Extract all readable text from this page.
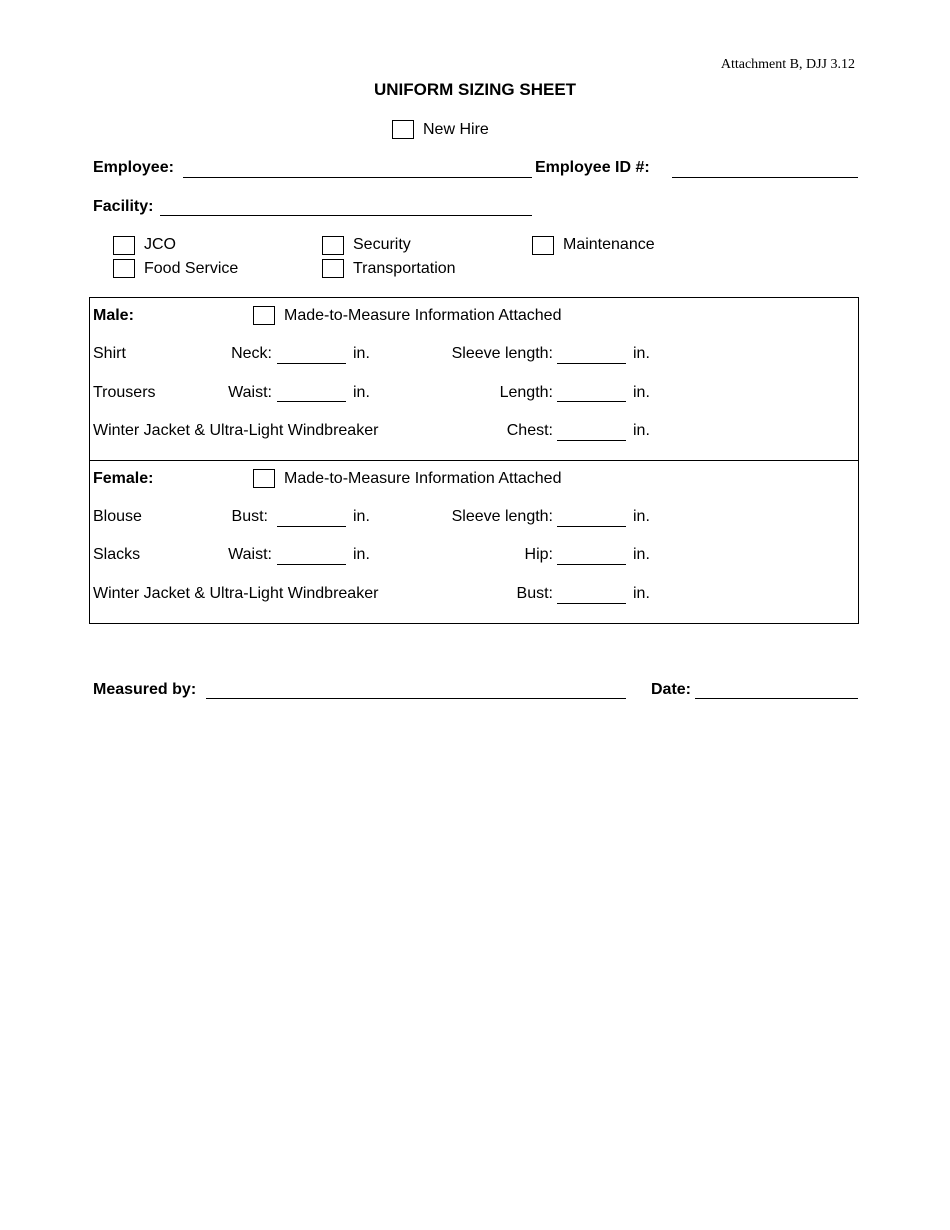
Attachment B, DJJ 3.12
UNIFORM SIZING SHEET
New Hire
Employee:	Employee ID #:
Facility:
JCO	Security	Maintenance
Food Service	Transportation
Male:	Made-to-Measure Information Attached
Shirt	Neck:	in.	Sleeve length:	in.
Trousers	Waist:	in.	Length:	in.
Winter Jacket & Ultra-Light Windbreaker	Chest:	in.
Female:	Made-to-Measure Information Attached
Blouse	Bust:	in.	Sleeve length:	in.
Slacks	Waist:	in.	Hip:	in.
Winter Jacket & Ultra-Light Windbreaker	Bust:	in.
Measured by:	Date:
